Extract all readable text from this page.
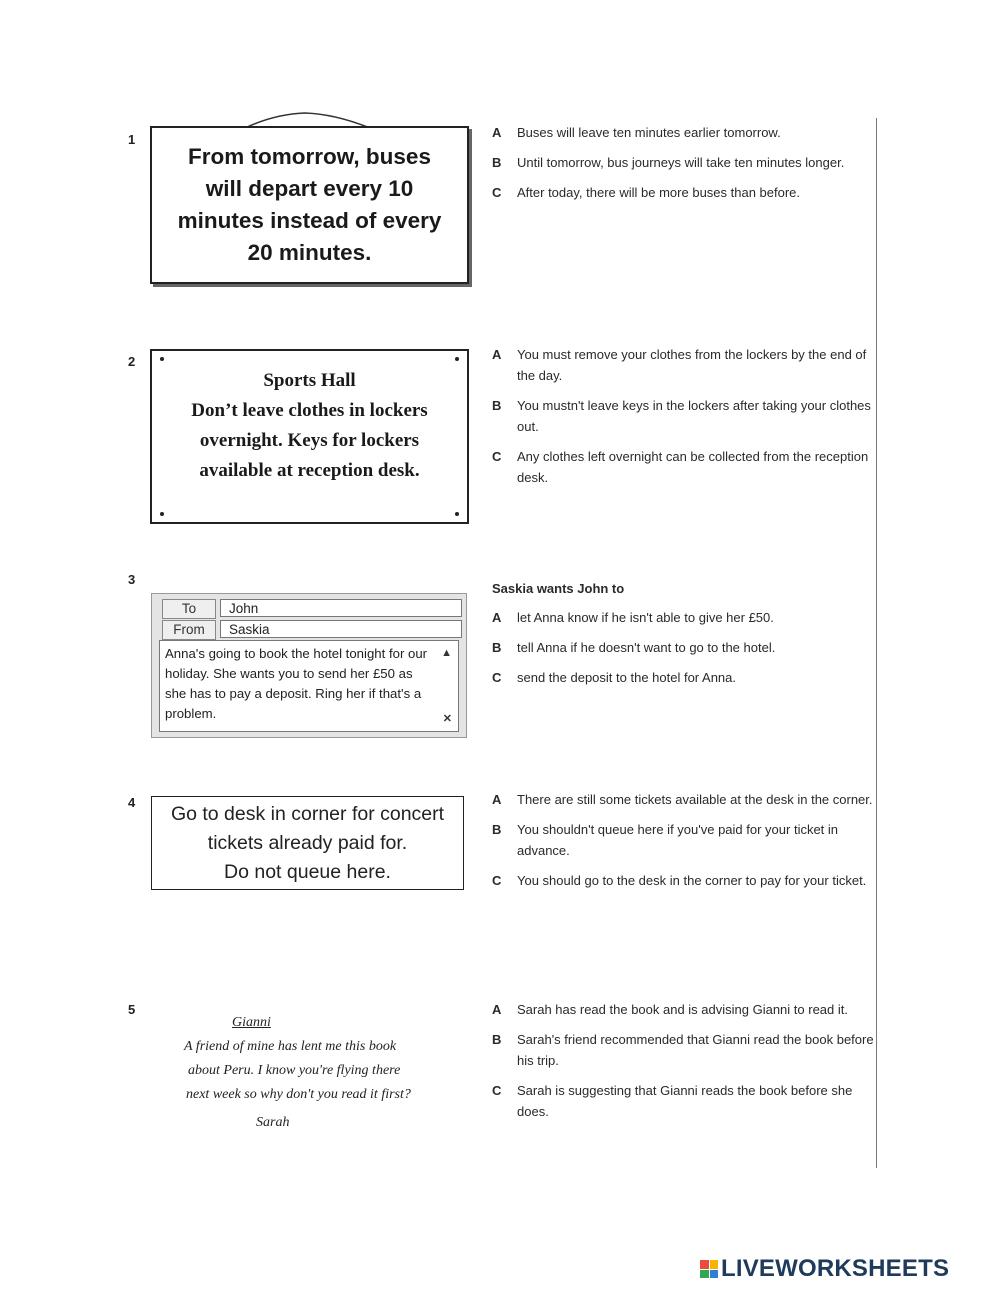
1
From tomorrow, buses
will depart every 10
minutes instead of every
20 minutes.
A	Buses will leave ten minutes earlier tomorrow.
B	Until tomorrow, bus journeys will take ten minutes longer.
C	After today, there will be more buses than before.
2
Sports Hall
Don’t leave clothes in lockers
overnight. Keys for lockers
available at reception desk.
A	You must remove your clothes from the lockers by the end of the day.
B	You mustn't leave keys in the lockers after taking your clothes out.
C	Any clothes left overnight can be collected from the reception desk.
3
To	John
From	Saskia
Anna's going to book the hotel tonight for our holiday. She wants you to send her £50 as she has to pay a deposit. Ring her if that's a problem.
▲
✕
Saskia wants John to
A	let Anna know if he isn't able to give her £50.
B	tell Anna if he doesn't want to go to the hotel.
C	send the deposit to the hotel for Anna.
4
Go to desk in corner for concert
tickets already paid for.
Do not queue here.
A	There are still some tickets available at the desk in the corner.
B	You shouldn't queue here if you've paid for your ticket in advance.
C	You should go to the desk in the corner to pay for your ticket.
5
Gianni
A friend of mine has lent me this book
about Peru. I know you're flying there
next week so why don't you read it first?
Sarah
A	Sarah has read the book and is advising Gianni to read it.
B	Sarah's friend recommended that Gianni read the book before his trip.
C	Sarah is suggesting that Gianni reads the book before she does.
LIVEWORKSHEETS
